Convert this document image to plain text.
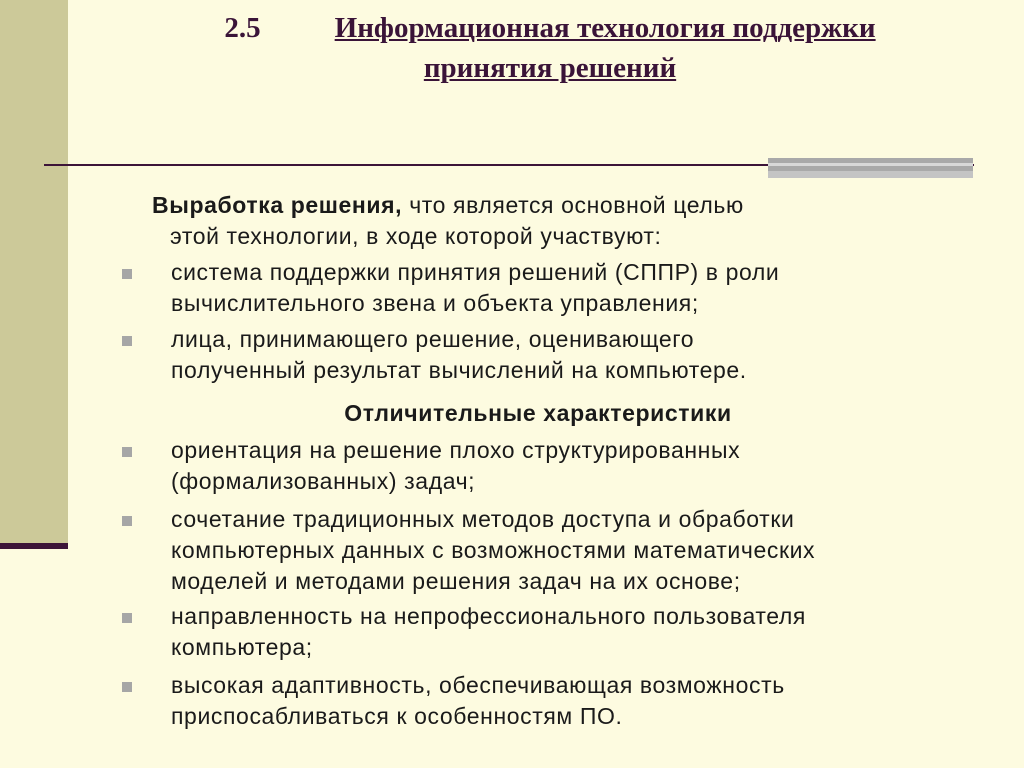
2.5	Информационная технология поддержки
принятия решений
Выработка решения, что является основной целью
этой технологии, в ходе которой участвуют:
система поддержки принятия решений (СППР) в роли
вычислительного звена и объекта управления;
лица, принимающего решение, оценивающего
полученный результат вычислений на компьютере.
Отличительные характеристики
ориентация на решение плохо структурированных
(формализованных) задач;
сочетание традиционных методов доступа и обработки
компьютерных данных с возможностями математических
моделей и методами решения задач на их основе;
направленность на непрофессионального пользователя
компьютера;
высокая адаптивность, обеспечивающая возможность
приспосабливаться к особенностям ПО.
